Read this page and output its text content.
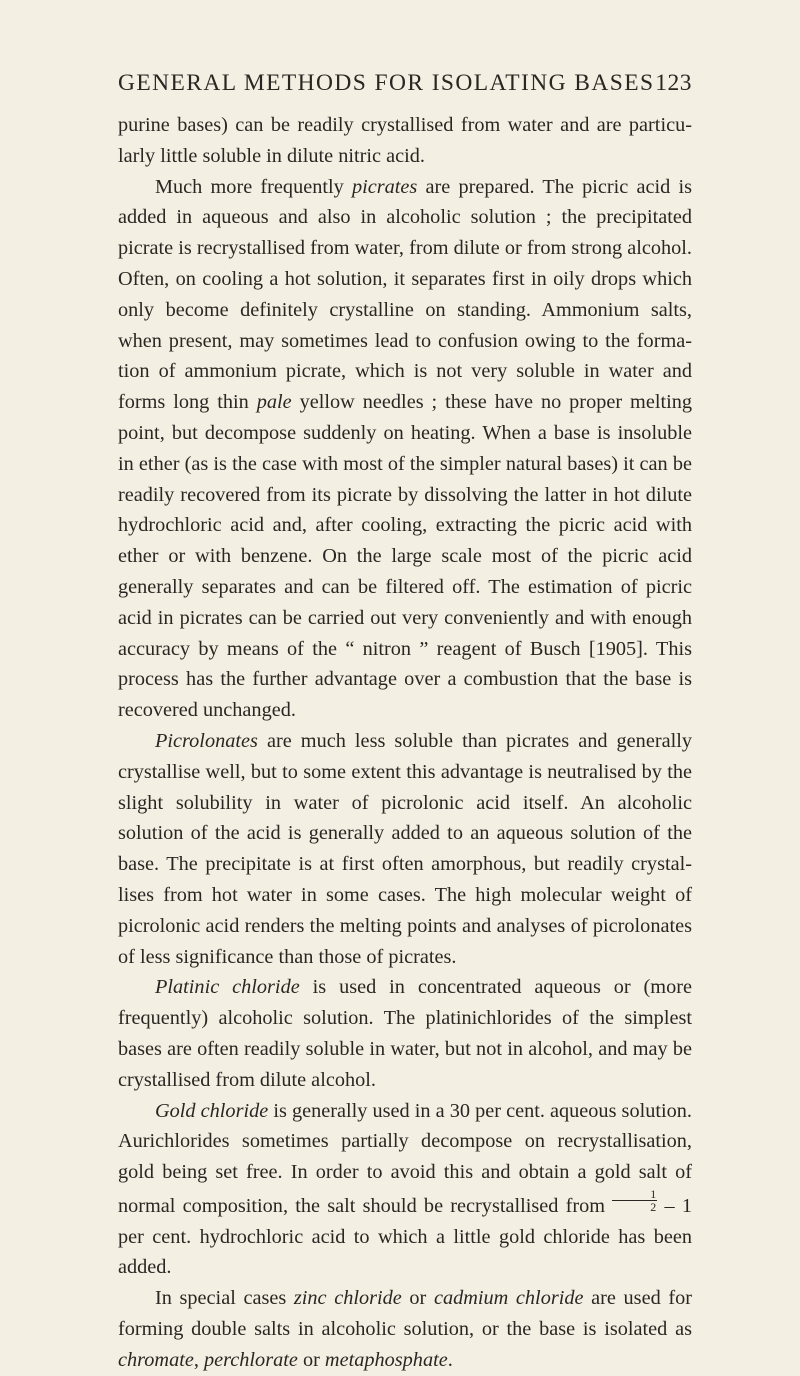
GENERAL METHODS FOR ISOLATING BASES 123

purine bases) can be readily crystallised from water and are particularly little soluble in dilute nitric acid.

Much more frequently picrates are prepared. The picric acid is added in aqueous and also in alcoholic solution ; the precipitated picrate is recrystallised from water, from dilute or from strong alcohol. Often, on cooling a hot solution, it separates first in oily drops which only become definitely crystalline on standing. Ammonium salts, when present, may sometimes lead to confusion owing to the formation of ammonium picrate, which is not very soluble in water and forms long thin pale yellow needles ; these have no proper melting point, but decompose suddenly on heating. When a base is insoluble in ether (as is the case with most of the simpler natural bases) it can be readily recovered from its picrate by dissolving the latter in hot dilute hydrochloric acid and, after cooling, extracting the picric acid with ether or with benzene. On the large scale most of the picric acid generally separates and can be filtered off. The estimation of picric acid in picrates can be carried out very conveniently and with enough accuracy by means of the “ nitron ” reagent of Busch [1905]. This process has the further advantage over a combustion that the base is recovered unchanged.

Picrolonates are much less soluble than picrates and generally crystallise well, but to some extent this advantage is neutralised by the slight solubility in water of picrolonic acid itself. An alcoholic solution of the acid is generally added to an aqueous solution of the base. The precipitate is at first often amorphous, but readily crystallises from hot water in some cases. The high molecular weight of picrolonic acid renders the melting points and analyses of picrolonates of less significance than those of picrates.

Platinic chloride is used in concentrated aqueous or (more frequently) alcoholic solution. The platinichlorides of the simplest bases are often readily soluble in water, but not in alcohol, and may be crystallised from dilute alcohol.

Gold chloride is generally used in a 30 per cent. aqueous solution. Aurichlorides sometimes partially decompose on recrystallisation, gold being set free. In order to avoid this and obtain a gold salt of normal composition, the salt should be recrystallised from $\frac{1}{2} - 1$ per cent. hydrochloric acid to which a little gold chloride has been added.

In special cases zinc chloride or cadmium chloride are used for forming double salts in alcoholic solution, or the base is isolated as chromate, perchlorate or metaphosphate.
